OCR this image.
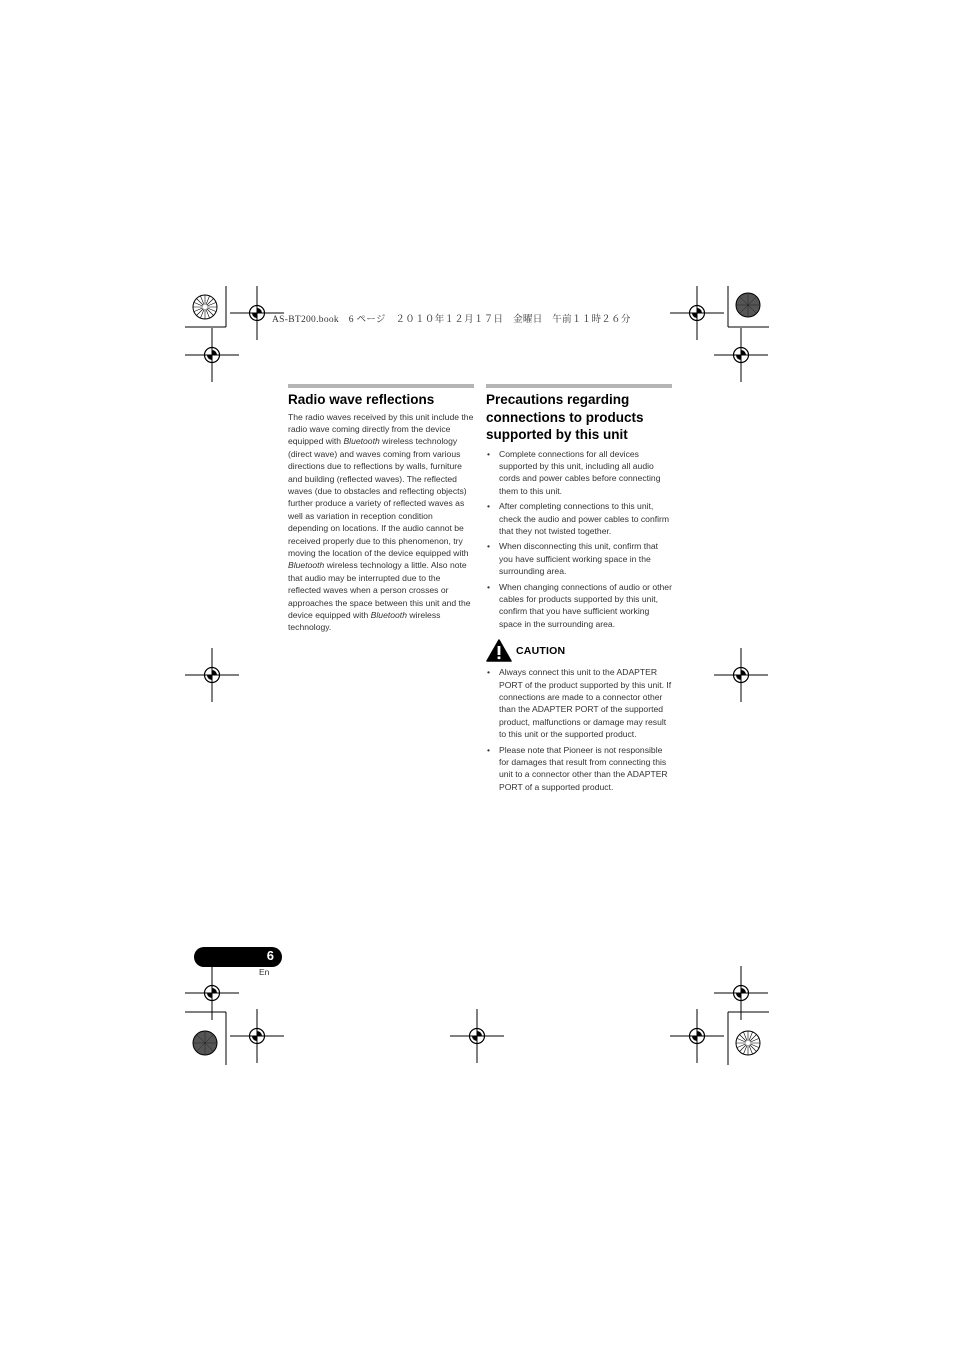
AS-BT200.book　6 ページ　２０１０年１２月１７日　金曜日　午前１１時２６分
Radio wave reflections

The radio waves received by this unit include the radio wave coming directly from the device equipped with Bluetooth wireless technology (direct wave) and waves coming from various directions due to reflections by walls, furniture and building (reflected waves). The reflected waves (due to obstacles and reflecting objects) further produce a variety of reflected waves as well as variation in reception condition depending on locations. If the audio cannot be received properly due to this phenomenon, try moving the location of the device equipped with Bluetooth wireless technology a little. Also note that audio may be interrupted due to the reflected waves when a person crosses or approaches the space between this unit and the device equipped with Bluetooth wireless technology.

Precautions regarding connections to products supported by this unit
• Complete connections for all devices supported by this unit, including all audio cords and power cables before connecting them to this unit.
• After completing connections to this unit, check the audio and power cables to confirm that they not twisted together.
• When disconnecting this unit, confirm that you have sufficient working space in the surrounding area.
• When changing connections of audio or other cables for products supported by this unit, confirm that you have sufficient working space in the surrounding area.
CAUTION
• Always connect this unit to the ADAPTER PORT of the product supported by this unit. If connections are made to a connector other than the ADAPTER PORT of the supported product, malfunctions or damage may result to this unit or the supported product.
• Please note that Pioneer is not responsible for damages that result from connecting this unit to a connector other than the ADAPTER PORT of a supported product.
6
En
